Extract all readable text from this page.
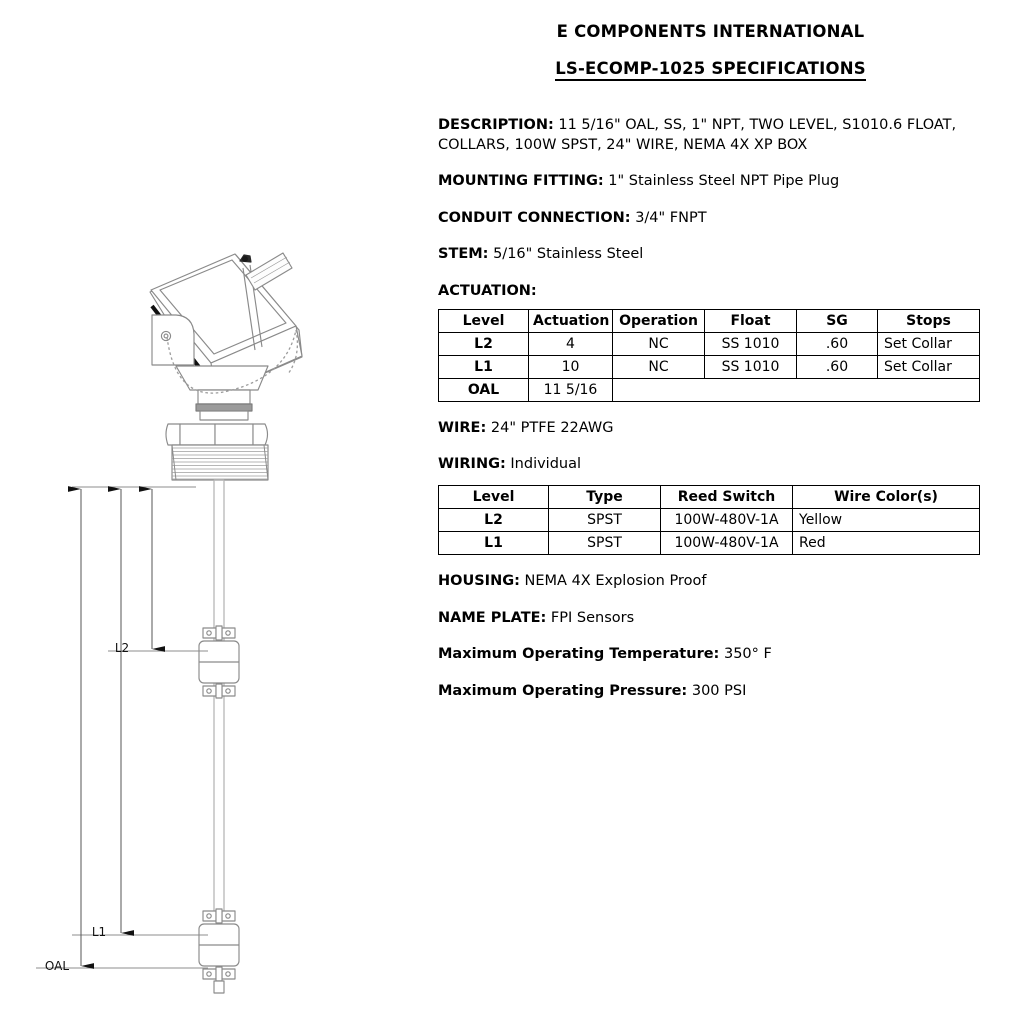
L2
L1
OAL
E COMPONENTS INTERNATIONAL
LS-ECOMP-1025 SPECIFICATIONS
DESCRIPTION: 11 5/16" OAL, SS, 1" NPT, TWO LEVEL, S1010.6 FLOAT, COLLARS, 100W SPST, 24" WIRE, NEMA 4X XP BOX
MOUNTING FITTING: 1" Stainless Steel NPT Pipe Plug
CONDUIT CONNECTION: 3/4" FNPT
STEM: 5/16" Stainless Steel
ACTUATION:
Level	Actuation	Operation	Float	SG	Stops
L2	4	NC	SS 1010	.60	Set Collar
L1	10	NC	SS 1010	.60	Set Collar
OAL	11 5/16				
WIRE: 24" PTFE 22AWG
WIRING: Individual
Level	Type	Reed Switch	Wire Color(s)
L2	SPST	100W-480V-1A	Yellow
L1	SPST	100W-480V-1A	Red
HOUSING: NEMA 4X Explosion Proof
NAME PLATE: FPI Sensors
Maximum Operating Temperature: 350° F
Maximum Operating Pressure: 300 PSI
